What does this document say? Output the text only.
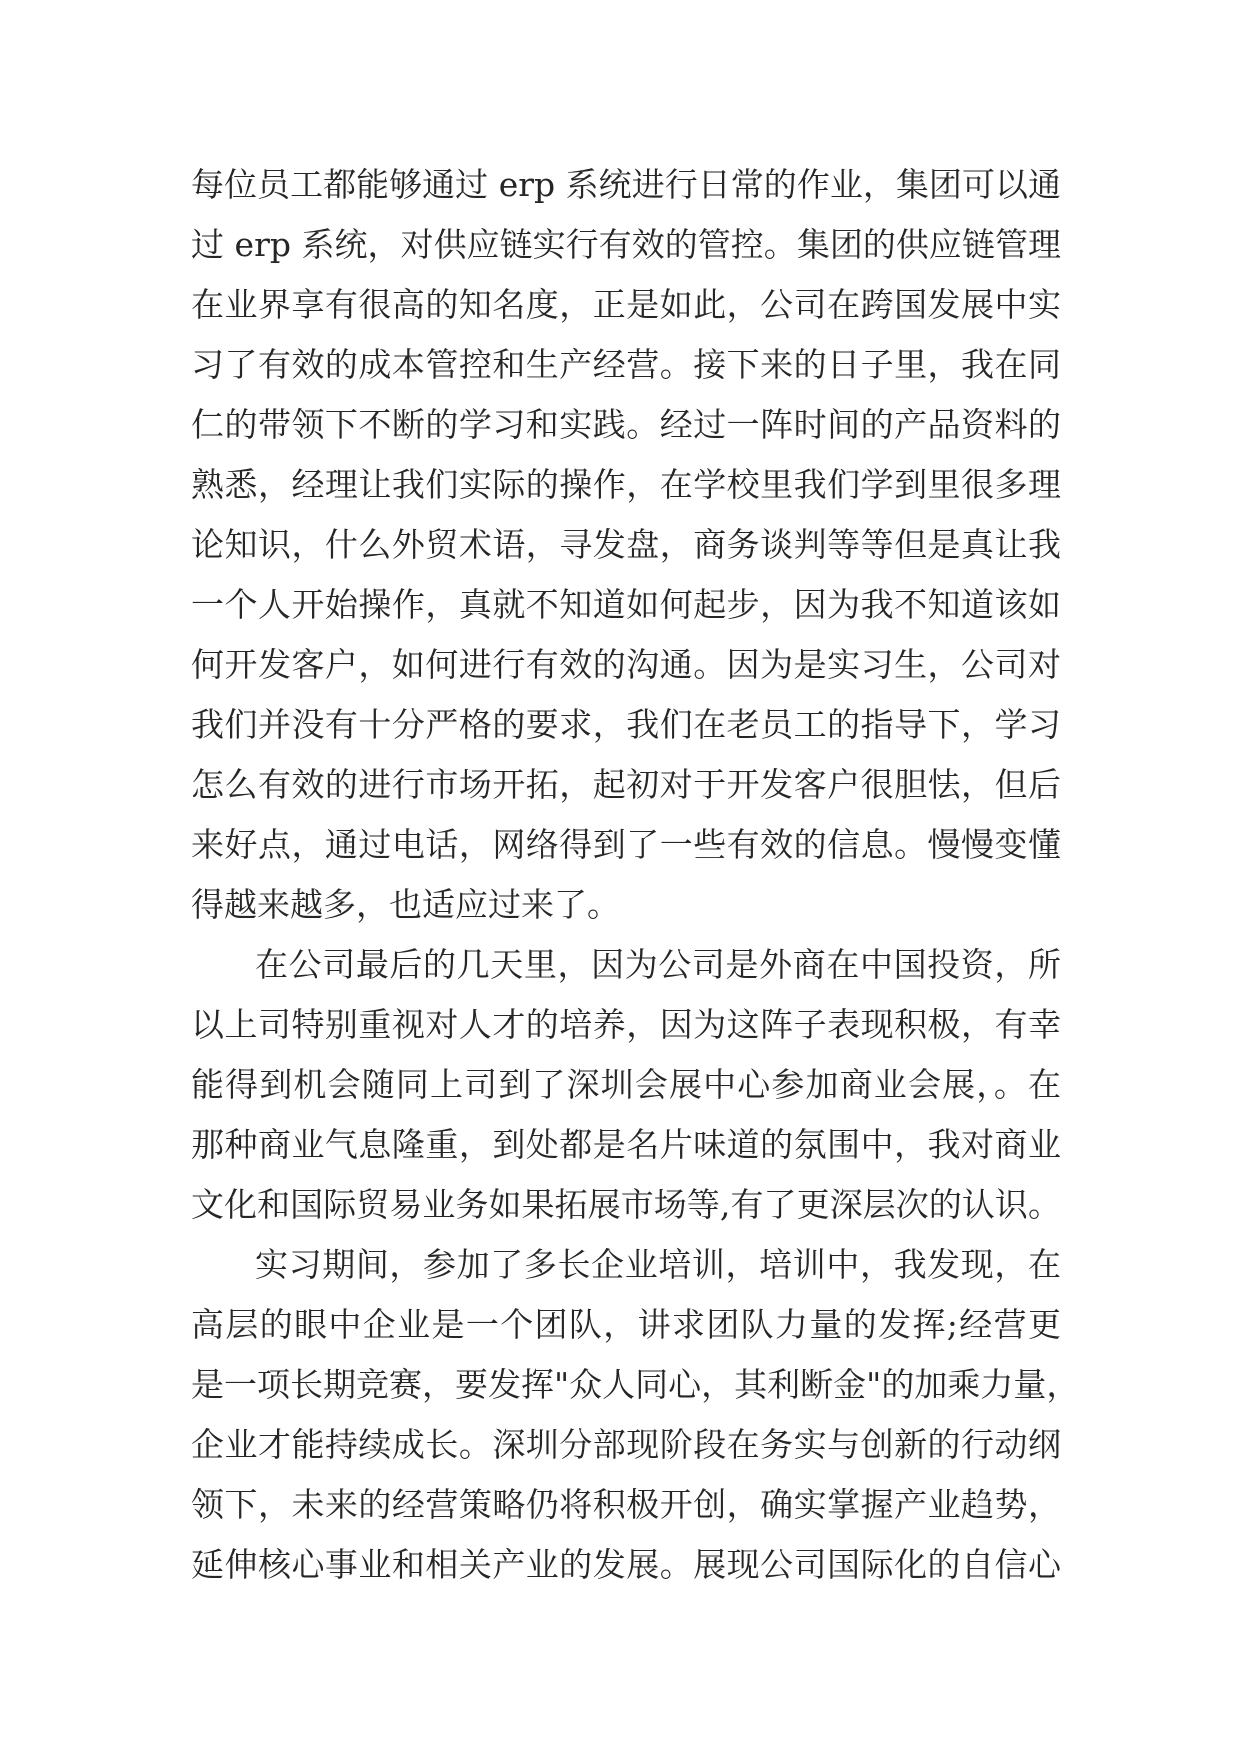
每位员工都能够通过 erp 系统进行日常的作业，集团可以通
过 erp 系统，对供应链实行有效的管控。集团的供应链管理
在业界享有很高的知名度，正是如此，公司在跨国发展中实
习了有效的成本管控和生产经营。接下来的日子里，我在同
仁的带领下不断的学习和实践。经过一阵时间的产品资料的
熟悉，经理让我们实际的操作，在学校里我们学到里很多理
论知识，什么外贸术语，寻发盘，商务谈判等等但是真让我
一个人开始操作，真就不知道如何起步，因为我不知道该如
何开发客户，如何进行有效的沟通。因为是实习生，公司对
我们并没有十分严格的要求，我们在老员工的指导下，学习
怎么有效的进行市场开拓，起初对于开发客户很胆怯，但后
来好点，通过电话，网络得到了一些有效的信息。慢慢变懂
得越来越多，也适应过来了。
在公司最后的几天里，因为公司是外商在中国投资，所
以上司特别重视对人才的培养，因为这阵子表现积极，有幸
能得到机会随同上司到了深圳会展中心参加商业会展，。在
那种商业气息隆重，到处都是名片味道的氛围中，我对商业
文化和国际贸易业务如果拓展市场等,有了更深层次的认识。
实习期间，参加了多长企业培训，培训中，我发现，在
高层的眼中企业是一个团队，讲求团队力量的发挥;经营更
是一项长期竞赛，要发挥"众人同心，其利断金"的加乘力量，
企业才能持续成长。深圳分部现阶段在务实与创新的行动纲
领下，未来的经营策略仍将积极开创，确实掌握产业趋势，
延伸核心事业和相关产业的发展。展现公司国际化的自信心
